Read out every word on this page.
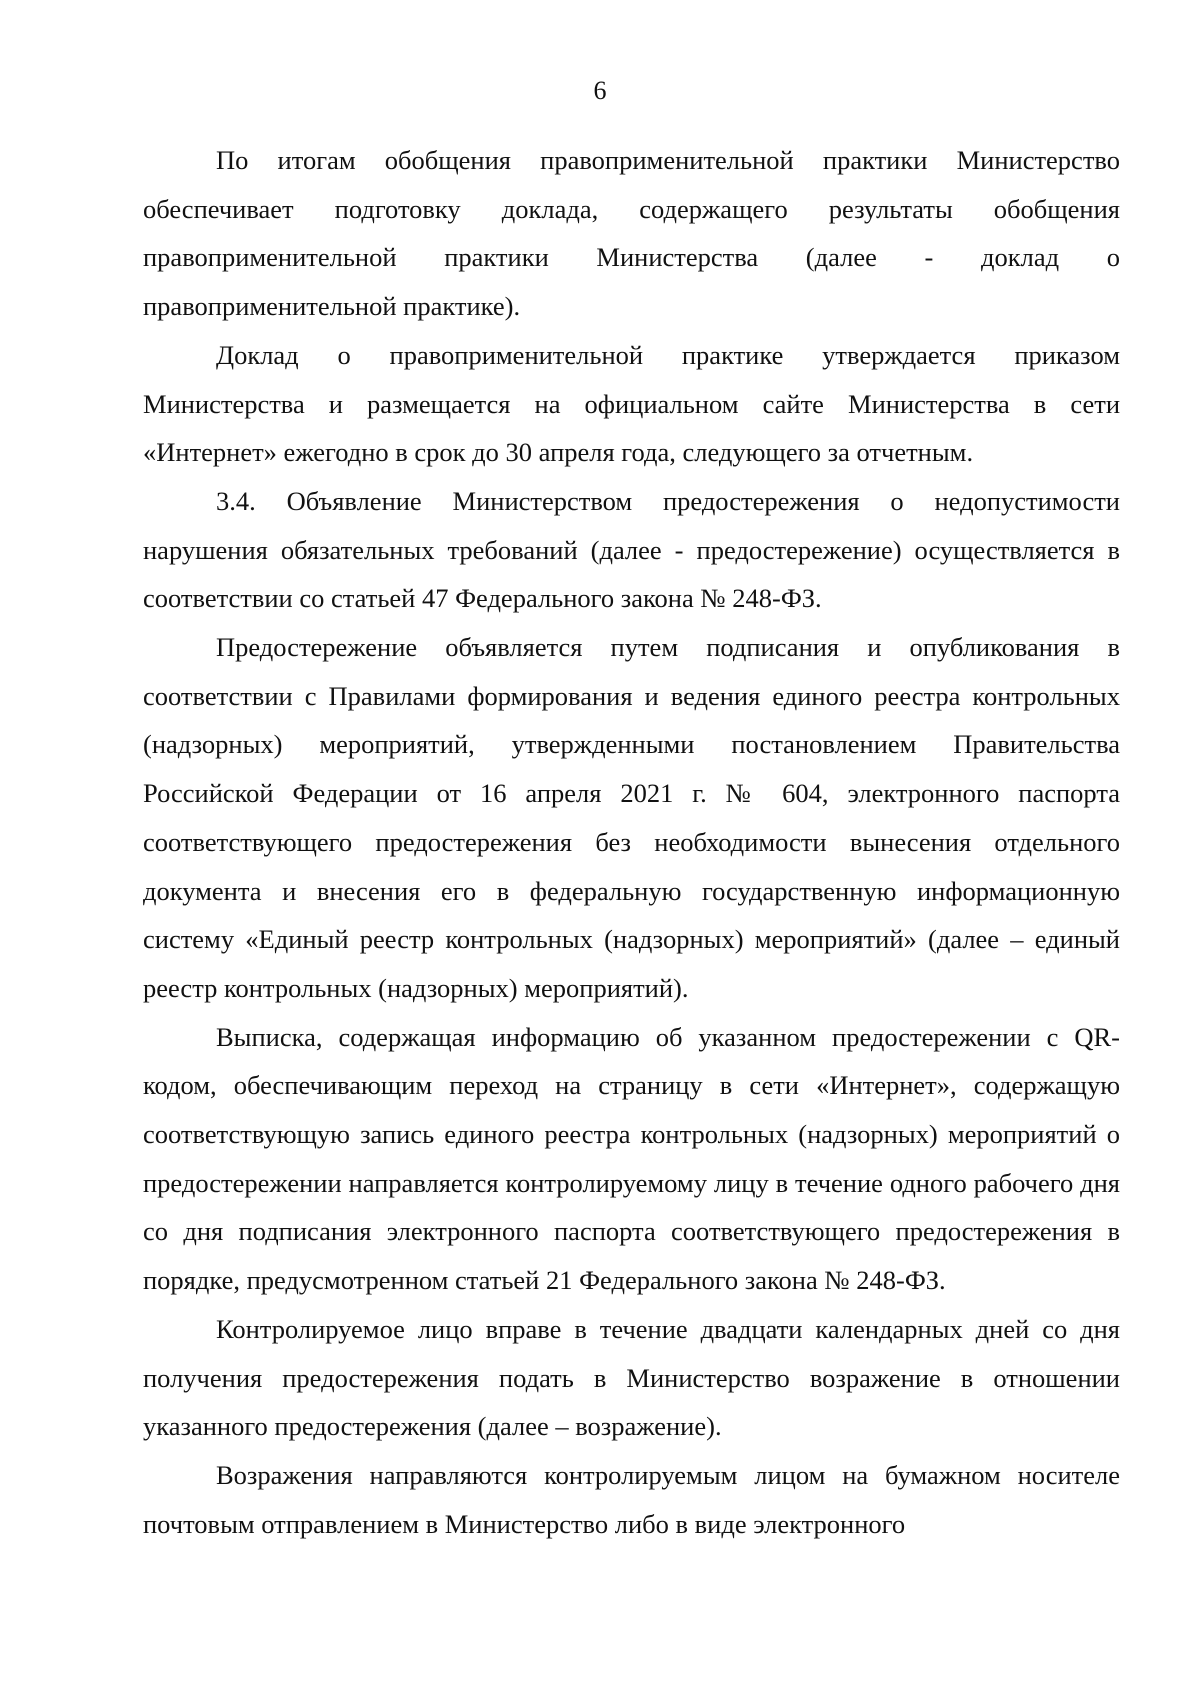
6

По итогам обобщения правоприменительной практики Министерство обеспечивает подготовку доклада, содержащего результаты обобщения правоприменительной практики Министерства (далее - доклад о правоприменительной практике).

Доклад о правоприменительной практике утверждается приказом Министерства и размещается на официальном сайте Министерства в сети «Интернет» ежегодно в срок до 30 апреля года, следующего за отчетным.

3.4. Объявление Министерством предостережения о недопустимости нарушения обязательных требований (далее - предостережение) осуществляется в соответствии со статьей 47 Федерального закона № 248-ФЗ.

Предостережение объявляется путем подписания и опубликования в соответствии с Правилами формирования и ведения единого реестра контрольных (надзорных) мероприятий, утвержденными постановлением Правительства Российской Федерации от 16 апреля 2021 г. № 604, электронного паспорта соответствующего предостережения без необходимости вынесения отдельного документа и внесения его в федеральную государственную информационную систему «Единый реестр контрольных (надзорных) мероприятий» (далее – единый реестр контрольных (надзорных) мероприятий).

Выписка, содержащая информацию об указанном предостережении с QR-кодом, обеспечивающим переход на страницу в сети «Интернет», содержащую соответствующую запись единого реестра контрольных (надзорных) мероприятий о предостережении направляется контролируемому лицу в течение одного рабочего дня со дня подписания электронного паспорта соответствующего предостережения в порядке, предусмотренном статьей 21 Федерального закона № 248-ФЗ.

Контролируемое лицо вправе в течение двадцати календарных дней со дня получения предостережения подать в Министерство возражение в отношении указанного предостережения (далее – возражение).

Возражения направляются контролируемым лицом на бумажном носителе почтовым отправлением в Министерство либо в виде электронного
